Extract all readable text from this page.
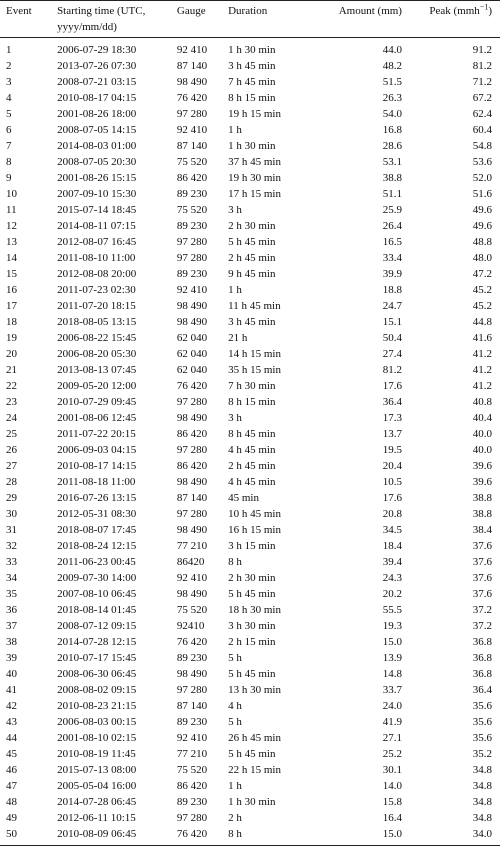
Event	Starting time (UTC,
yyyy/mm/dd)	Gauge	Duration	Amount (mm)	Peak (mmh$^{-1}$)
1	2006-07-29 18:30	92 410	1 h 30 min	44.0	91.2
2	2013-07-26 07:30	87 140	3 h 45 min	48.2	81.2
3	2008-07-21 03:15	98 490	7 h 45 min	51.5	71.2
4	2010-08-17 04:15	76 420	8 h 15 min	26.3	67.2
5	2001-08-26 18:00	97 280	19 h 15 min	54.0	62.4
6	2008-07-05 14:15	92 410	1 h	16.8	60.4
7	2014-08-03 01:00	87 140	1 h 30 min	28.6	54.8
8	2008-07-05 20:30	75 520	37 h 45 min	53.1	53.6
9	2001-08-26 15:15	86 420	19 h 30 min	38.8	52.0
10	2007-09-10 15:30	89 230	17 h 15 min	51.1	51.6
11	2015-07-14 18:45	75 520	3 h	25.9	49.6
12	2014-08-11 07:15	89 230	2 h 30 min	26.4	49.6
13	2012-08-07 16:45	97 280	5 h 45 min	16.5	48.8
14	2011-08-10 11:00	97 280	2 h 45 min	33.4	48.0
15	2012-08-08 20:00	89 230	9 h 45 min	39.9	47.2
16	2011-07-23 02:30	92 410	1 h	18.8	45.2
17	2011-07-20 18:15	98 490	11 h 45 min	24.7	45.2
18	2018-08-05 13:15	98 490	3 h 45 min	15.1	44.8
19	2006-08-22 15:45	62 040	21 h	50.4	41.6
20	2006-08-20 05:30	62 040	14 h 15 min	27.4	41.2
21	2013-08-13 07:45	62 040	35 h 15 min	81.2	41.2
22	2009-05-20 12:00	76 420	7 h 30 min	17.6	41.2
23	2010-07-29 09:45	97 280	8 h 15 min	36.4	40.8
24	2001-08-06 12:45	98 490	3 h	17.3	40.4
25	2011-07-22 20:15	86 420	8 h 45 min	13.7	40.0
26	2006-09-03 04:15	97 280	4 h 45 min	19.5	40.0
27	2010-08-17 14:15	86 420	2 h 45 min	20.4	39.6
28	2011-08-18 11:00	98 490	4 h 45 min	10.5	39.6
29	2016-07-26 13:15	87 140	45 min	17.6	38.8
30	2012-05-31 08:30	97 280	10 h 45 min	20.8	38.8
31	2018-08-07 17:45	98 490	16 h 15 min	34.5	38.4
32	2018-08-24 12:15	77 210	3 h 15 min	18.4	37.6
33	2011-06-23 00:45	86420	8 h	39.4	37.6
34	2009-07-30 14:00	92 410	2 h 30 min	24.3	37.6
35	2007-08-10 06:45	98 490	5 h 45 min	20.2	37.6
36	2018-08-14 01:45	75 520	18 h 30 min	55.5	37.2
37	2008-07-12 09:15	92410	3 h 30 min	19.3	37.2
38	2014-07-28 12:15	76 420	2 h 15 min	15.0	36.8
39	2010-07-17 15:45	89 230	5 h	13.9	36.8
40	2008-06-30 06:45	98 490	5 h 45 min	14.8	36.8
41	2008-08-02 09:15	97 280	13 h 30 min	33.7	36.4
42	2010-08-23 21:15	87 140	4 h	24.0	35.6
43	2006-08-03 00:15	89 230	5 h	41.9	35.6
44	2001-08-10 02:15	92 410	26 h 45 min	27.1	35.6
45	2010-08-19 11:45	77 210	5 h 45 min	25.2	35.2
46	2015-07-13 08:00	75 520	22 h 15 min	30.1	34.8
47	2005-05-04 16:00	86 420	1 h	14.0	34.8
48	2014-07-28 06:45	89 230	1 h 30 min	15.8	34.8
49	2012-06-11 10:15	97 280	2 h	16.4	34.8
50	2010-08-09 06:45	76 420	8 h	15.0	34.0
